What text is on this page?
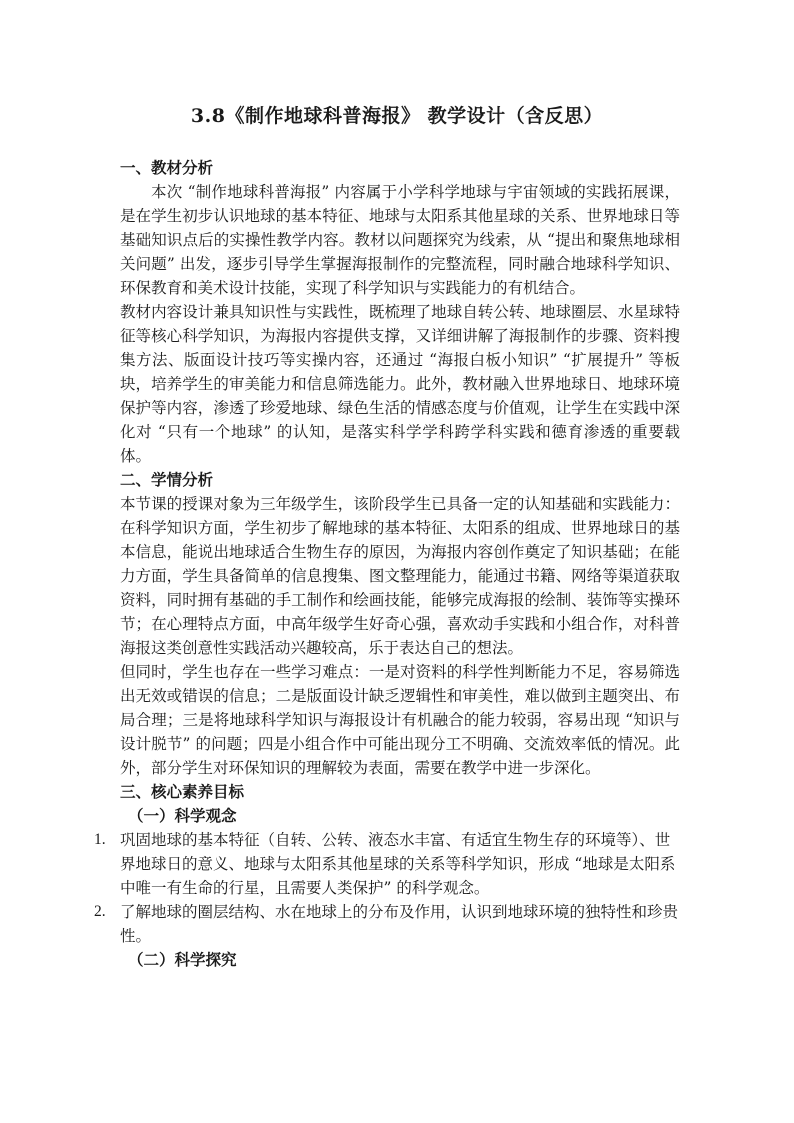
3.8《制作地球科普海报》 教学设计（含反思）

一、教材分析

本次 “制作地球科普海报” 内容属于小学科学地球与宇宙领域的实践拓展课，是在学生初步认识地球的基本特征、地球与太阳系其他星球的关系、世界地球日等基础知识点后的实操性教学内容。教材以问题探究为线索，从 “提出和聚焦地球相关问题” 出发，逐步引导学生掌握海报制作的完整流程，同时融合地球科学知识、环保教育和美术设计技能，实现了科学知识与实践能力的有机结合。

教材内容设计兼具知识性与实践性，既梳理了地球自转公转、地球圈层、水星球特征等核心科学知识，为海报内容提供支撑，又详细讲解了海报制作的步骤、资料搜集方法、版面设计技巧等实操内容，还通过 “海报白板小知识” “扩展提升” 等板块，培养学生的审美能力和信息筛选能力。此外，教材融入世界地球日、地球环境保护等内容，渗透了珍爱地球、绿色生活的情感态度与价值观，让学生在实践中深化对 “只有一个地球” 的认知，是落实科学学科跨学科实践和德育渗透的重要载体。

二、学情分析

本节课的授课对象为三年级学生，该阶段学生已具备一定的认知基础和实践能力：在科学知识方面，学生初步了解地球的基本特征、太阳系的组成、世界地球日的基本信息，能说出地球适合生物生存的原因，为海报内容创作奠定了知识基础；在能力方面，学生具备简单的信息搜集、图文整理能力，能通过书籍、网络等渠道获取资料，同时拥有基础的手工制作和绘画技能，能够完成海报的绘制、装饰等实操环节；在心理特点方面，中高年级学生好奇心强，喜欢动手实践和小组合作，对科普海报这类创意性实践活动兴趣较高，乐于表达自己的想法。

但同时，学生也存在一些学习难点：一是对资料的科学性判断能力不足，容易筛选出无效或错误的信息；二是版面设计缺乏逻辑性和审美性，难以做到主题突出、布局合理；三是将地球科学知识与海报设计有机融合的能力较弱，容易出现 “知识与设计脱节” 的问题；四是小组合作中可能出现分工不明确、交流效率低的情况。此外，部分学生对环保知识的理解较为表面，需要在教学中进一步深化。

三、核心素养目标

（一）科学观念

1. 巩固地球的基本特征（自转、公转、液态水丰富、有适宜生物生存的环境等）、世界地球日的意义、地球与太阳系其他星球的关系等科学知识，形成 “地球是太阳系中唯一有生命的行星，且需要人类保护” 的科学观念。
2. 了解地球的圈层结构、水在地球上的分布及作用，认识到地球环境的独特性和珍贵性。

（二）科学探究
